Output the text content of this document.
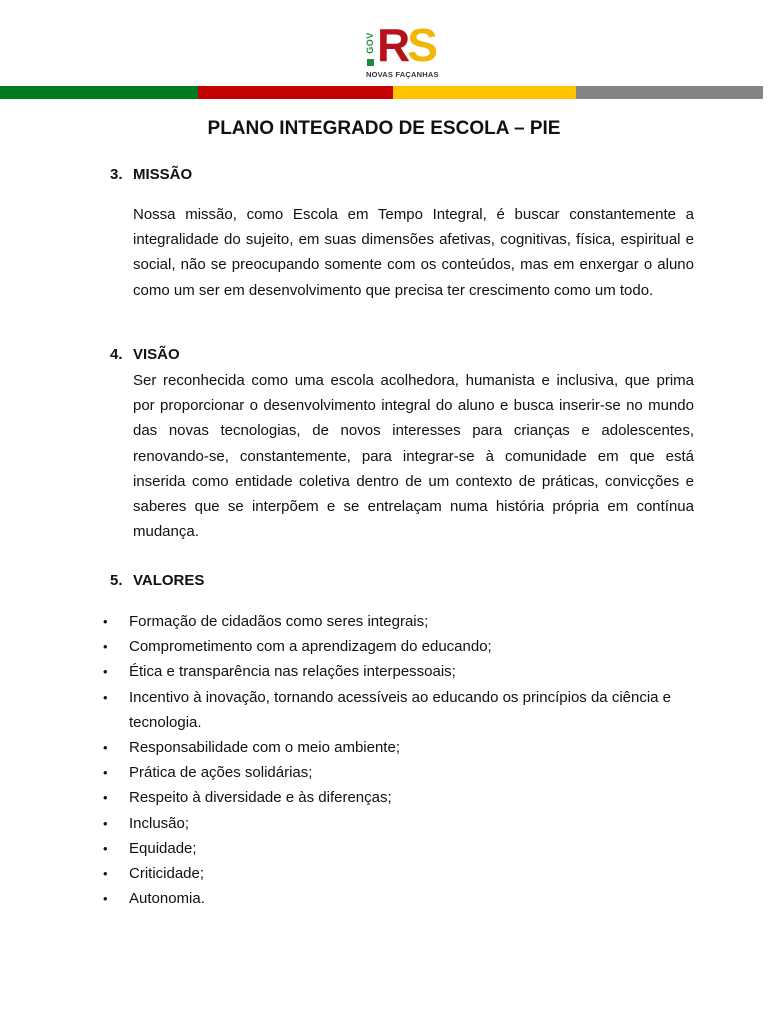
GOV RS
NOVAS FAÇANHAS
PLANO INTEGRADO DE ESCOLA – PIE
3. MISSÃO
Nossa missão, como Escola em Tempo Integral, é buscar constantemente a integralidade do sujeito, em suas dimensões afetivas, cognitivas, física, espiritual e social, não se preocupando somente com os conteúdos, mas em enxergar o aluno como um ser em desenvolvimento que precisa ter crescimento como um todo.
4. VISÃO
Ser reconhecida como uma escola acolhedora, humanista e inclusiva, que prima por proporcionar o desenvolvimento integral do aluno e busca inserir-se no mundo das novas tecnologias, de novos interesses para crianças e adolescentes, renovando-se, constantemente, para integrar-se à comunidade em que está inserida como entidade coletiva dentro de um contexto de práticas, convicções e saberes que se interpõem e se entrelaçam numa história própria em contínua mudança.
5. VALORES
• Formação de cidadãos como seres integrais;
• Comprometimento com a aprendizagem do educando;
• Ética e transparência nas relações interpessoais;
• Incentivo à inovação, tornando acessíveis ao educando os princípios da ciência e tecnologia.
• Responsabilidade com o meio ambiente;
• Prática de ações solidárias;
• Respeito à diversidade e às diferenças;
• Inclusão;
• Equidade;
• Criticidade;
• Autonomia.
